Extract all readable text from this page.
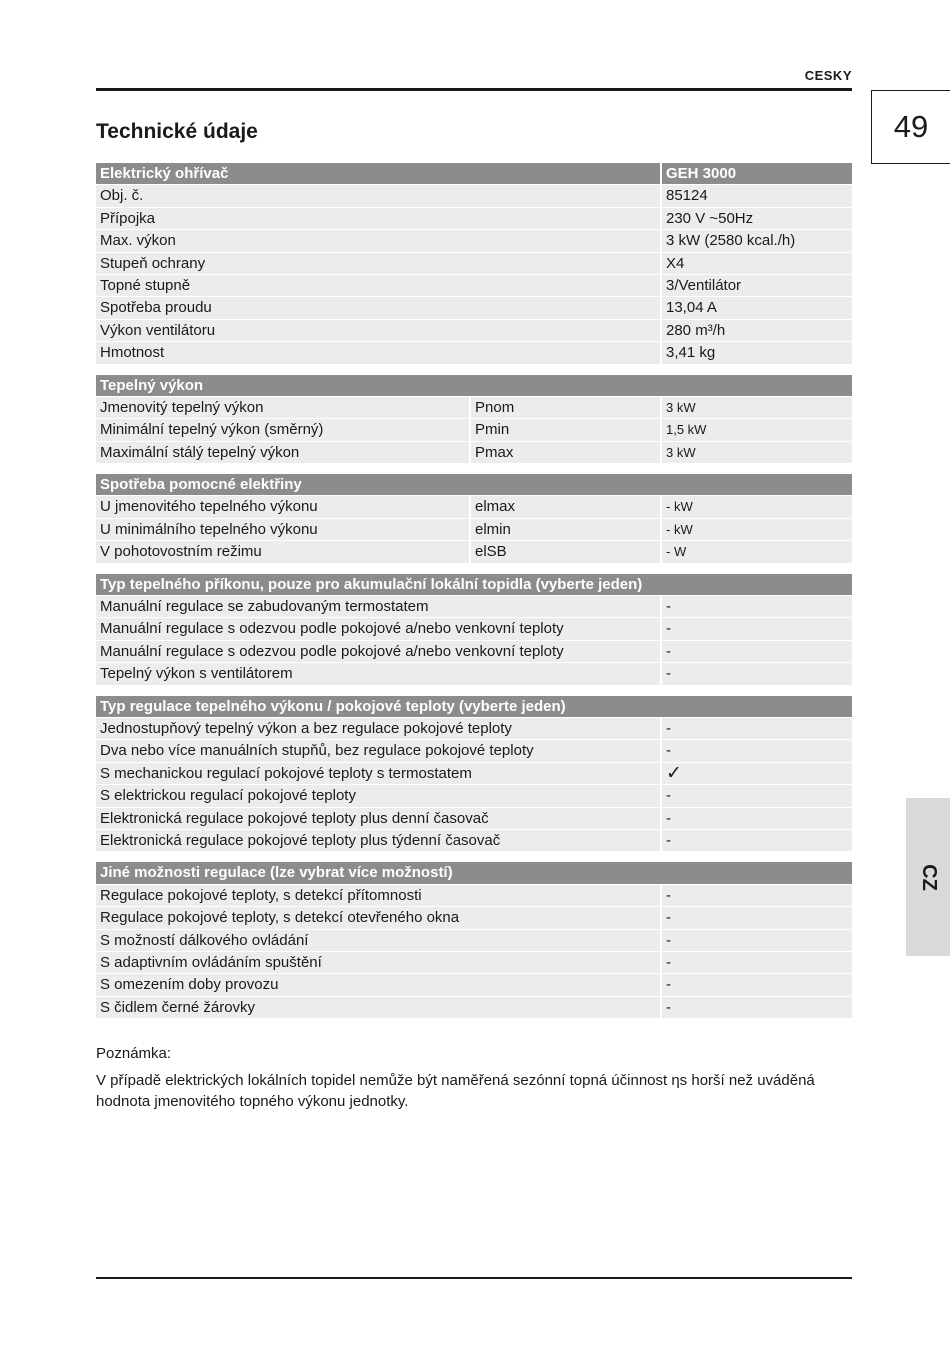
CESKY
49
CZ
Technické údaje
Elektrický ohřívač	GEH 3000
Obj. č.	85124
Přípojka	230 V ~50Hz
Max. výkon	3 kW (2580 kcal./h)
Stupeň ochrany	X4
Topné stupně	3/Ventilátor
Spotřeba proudu	13,04 A
Výkon ventilátoru	280 m³/h
Hmotnost	3,41 kg
Tepelný výkon
Jmenovitý tepelný výkon	Pnom	3 kW
Minimální tepelný výkon (směrný)	Pmin	1,5 kW
Maximální stálý tepelný výkon	Pmax	3 kW
Spotřeba pomocné elektřiny
U jmenovitého tepelného výkonu	elmax	- kW
U minimálního tepelného výkonu	elmin	- kW
V pohotovostním režimu	elSB	- W
Typ tepelného příkonu, pouze pro akumulační lokální topidla (vyberte jeden)
Manuální regulace se zabudovaným termostatem	-
Manuální regulace s odezvou podle pokojové a/nebo venkovní teploty	-
Manuální regulace s odezvou podle pokojové a/nebo venkovní teploty	-
Tepelný výkon s ventilátorem	-
Typ regulace tepelného výkonu / pokojové teploty (vyberte jeden)
Jednostupňový tepelný výkon a bez regulace pokojové teploty	-
Dva nebo více manuálních stupňů, bez regulace pokojové teploty	-
S mechanickou regulací pokojové teploty s termostatem	✓
S elektrickou regulací pokojové teploty	-
Elektronická regulace pokojové teploty plus denní časovač	-
Elektronická regulace pokojové teploty plus týdenní časovač	-
Jiné možnosti regulace (lze vybrat více možností)
Regulace pokojové teploty, s detekcí přítomnosti	-
Regulace pokojové teploty, s detekcí otevřeného okna	-
S možností dálkového ovládání	-
S adaptivním ovládáním spuštění	-
S omezením doby provozu	-
S čidlem černé žárovky	-

Poznámka:

V případě elektrických lokálních topidel nemůže být naměřená sezónní topná účinnost ηs horší než uváděná hodnota jmenovitého topného výkonu jednotky.
